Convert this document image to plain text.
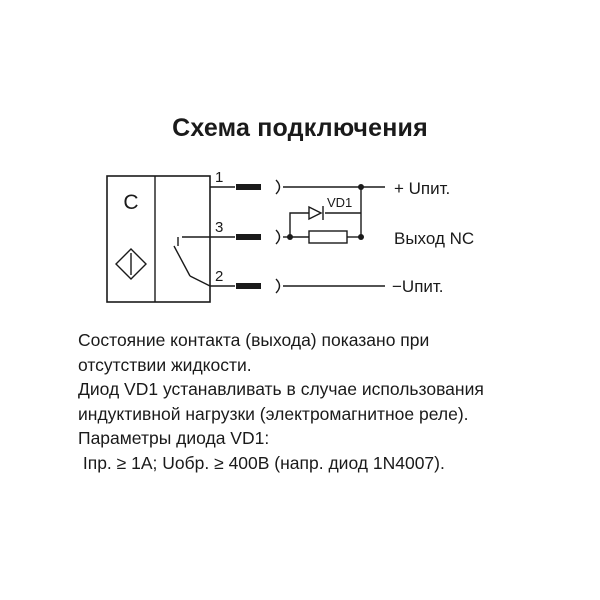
Схема подключения
C
1
3
2
VD1
+ Uпит.
Выход NC
−Uпит.
Состояние контакта (выхода) показано при
отсутствии жидкости.
Диод VD1 устанавливать в случае использования
индуктивной нагрузки (электромагнитное реле).
Параметры диода VD1:
Iпр. ≥ 1А; Uобр. ≥ 400В (напр. диод 1N4007).
